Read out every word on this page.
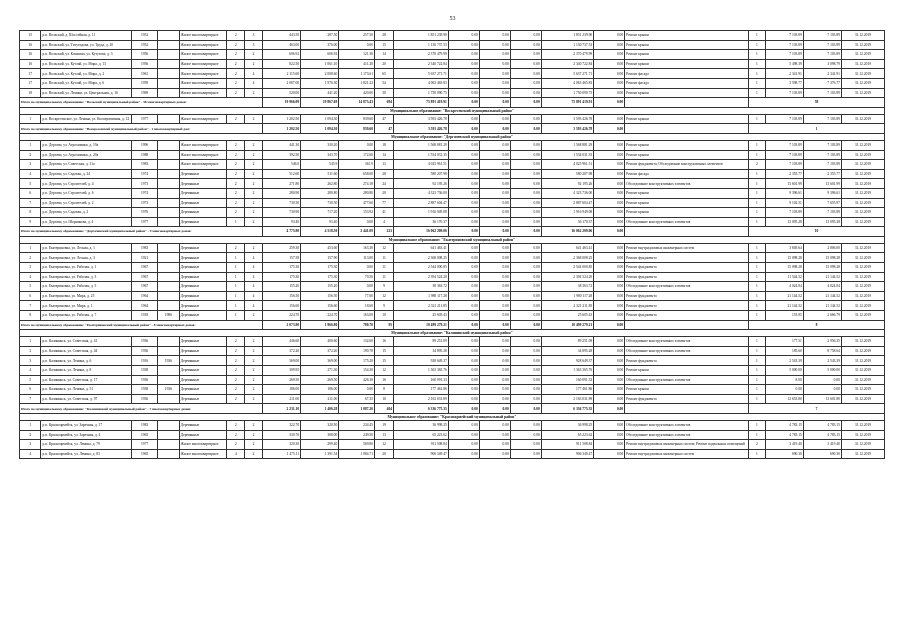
53
15	р.п. Вольский, д. Шоссейная, д. 11	1952		Жилое многоквартирное	2	3	443.50	287.50	257.50	28	1 851 239.90	0.00	0.00	0.00	1 851 239.90	0.00	Ремонт крыши	1	7 103.89	7 103.89	31.12.2019
16	р.п. Вольский, ул. Титугидова, ул. Труда, д. 20	1952		Жилое многоквартирное	2	3	463.00	376.00	0.00	15	1 130 737.53	0.00	0.00	0.00	1 130 737.53	0.00	Ремонт крыши	1	7 103.89	7 103.89	31.12.2019
16	р.п. Вольский, ул. Кошкина, ул. Кутузова, д. 3	1956		Жилое многоквартирное	2	2	606.92	606.92	121.30	14	2 370 479.99	0.00	0.00	0.00	2 370 479.99	0.00	Ремонт крыши	1	7 103.89	7 103.89	31.12.2019
16	р.п. Вольский, ул. Кутлай, ул. Мира, д. 13	1956		Жилое многоквартирное	2	2	822.50	1 061.10	411.20	20	2 340 722.84	0.00	0.00	0.00	2 340 722.84	0.00	Ремонт крыши	1	5 498.39	3 098.79	31.12.2019
17	р.п. Вольский, ул. Кутлай, ул. Мира, д. 2	1961		Жилое многоквартирное	2	4	2 115.60	2 008.60	1 173.61	65	5 637 271.71	0.00	0.00	0.00	5 637 271.71	0.00	Ремонт фасада	1	2 341.91	2 341.91	31.12.2019
17	р.п. Вольский, ул. Кутлай, ул. Мира, д. 6	1959		Жилое многоквартирное	2	4	2 087.00	1 976.30	1 821.22	54	4 063 465.83	0.00	0.00	0.00	4 063 465.83	0.00	Ремонт фасада	1	3 598.77	7 376.77	31.12.2019
18	р.п. Вольский, ул. Ленина, ул. Центральная, д. 16	1969		Жилое многоквартирное	2	2	520.00	441.20	420.00	30	1 750 090.75	0.00	0.00	0.00	1 750 090.75	0.00	Ремонт крыши	1	7 103.89	7 103.89	31.12.2019
Итого по муниципальному образованию: "Вольский муниципальный район" - 58 многоквартирных домов:							19 966.09	19 867.69	14 873.43	694	75 891 419.91	0.00	0.00	0.00	75 891 419.91	0.00		58			
Муниципальное образование: "Воскресенский муниципальный район"																					
1	р.п. Воскресенское, ул. Ленина, ул. Кооперативная, д. 12	1977		Жилое многоквартирное	2	2	1 202.50	1 094.30	839.60	47	3 593 426.78	0.00	0.00	0.00	3 593 426.78	0.00	Ремонт крыши	1	7 103.89	7 103.89	31.12.2019
Итого по муниципальному образованию: "Воскресенский муниципальный район" - 1 многоквартирный дом:							1 202.50	1 094.30	839.60	47	3 593 426.78	0.00	0.00	0.00	3 593 426.78	0.00		1			
Муниципальное образование: "Дергачевский муниципальный район"																					
1	р.п. Дергачи, ул. Агрохимики, д. 19а	1996		Жилое многоквартирное	2	2	441.30	330.20	0.00	18	1 568 881.29	0.00	0.00	0.00	1 568 881.29	0.00	Ремонт крыши	1	7 103.89	7 103.89	31.12.2019
2	р.п. Дергачи, ул. Агрохимики, д. 20а	1988		Жилое многоквартирное	2	2	392.50	343.70	172.60	14	1 534 031.35	0.00	0.00	0.00	1 534 031.35	0.00	Ремонт крыши	1	7 103.89	7 103.89	31.12.2019
3	р.п. Дергачи, ул. Советская, д. 31а	1983		Жилое многоквартирное	2	2	546.0	545.9	361.9	13	4 025 961.51	0.00	0.00	0.00	4 025 961.51	0.00	Ремонт фундамента; Обследование конструктивных элементов	2	7 103.89	7 103.89	31.12.2019
4	р.п. Дергачи, ул. Садовая, д. 24	1974		Деревянные	2	2	512.60	511.60	658.00	28	580 207.98	0.00	0.00	0.00	580 207.98	0.00	Ремонт фасада	1	2 355.77	2 355.77	31.12.2019
5	р.п. Дергачи, ул. Строителей, д. 4	1973		Деревянные	2	2	271.80	262.80	274.18	24	92 195.26	0.00	0.00	0.00	92 195.26	0.00	Обследование конструктивных элементов	1	13 601.99	13 601.99	31.12.2019
6	р.п. Дергачи, ул. Строителей, д. 6	1974		Деревянные	2	2	280.90	280.80	280.80	20	4 323 736.00	0.00	0.00	0.00	4 323 736.00	0.00	Ремонт крыши	1	9 396.61	9 396.61	31.12.2019
7	р.п. Дергачи, ул. Строителей, д. 2	1973		Деревянные	2	2	730.50	730.50	477.60	77	2 887 604.47	0.00	0.00	0.00	2 887 604.47	0.00	Ремонт крыши	1	9 102.51	7 655.97	31.12.2019
8	р.п. Дергачи, ул. Садовая, д. 2	1976		Деревянные	2	2	730.90	717.20	153.92	41	1 916 949.08	0.00	0.00	0.00	1 916 949.08	0.00	Ремонт крыши	1	7 103.89	7 103.89	31.12.2019
9	р.п. Дергачи, ул. Шорникова, д. 4	1977		Деревянные	1	2	93.40	93.40	0.00	4	36 170.37	0.00	0.00	0.00	36 170.37	0.00	Обследование конструктивных элементов	1	13 095.28	13 095.28	31.12.2019
Итого по муниципальному образованию: "Дергачевский муниципальный район" - 9 многоквартирных домов:							4 775.90	4 518.50	2 441.09	223	16 062 209.06	0.00	0.00	0.00	16 062 209.06	0.00		10			
Муниципальное образование: "Екатериновский муниципальный район"																					
1	р.п. Екатериновка, ул. Лесная, д. 1	1983		Деревянные	2	2	259.30	453.60	163.30	12	641 463.41	0.00	0.00	0.00	641 463.41	0.00	Ремонт внутридомовых инженерных систем	1	3 849.64	2 806.00	31.12.2019
2	р.п. Екатериновка, ул. Лесная, д. 3	1921		Деревянные	1	4	157.58	157.90	113.00	11	2 368 008.25	0.00	0.00	0.00	2 368 008.25	0.00	Ремонт фундамента	1	15 098.28	15 098.28	31.12.2019
3	р.п. Екатериновка, ул. Рабочая, д. 1	1967		Деревянные	1	4	175.30	175.30	0.00	11	2 544 000.85	0.00	0.00	0.00	2 544 000.85	0.00	Ремонт фундамента	1	15 098.28	15 098.28	31.12.2019
4	р.п. Екатериновка, ул. Рабочая, д. 3	1967		Деревянные	1	4	175.30	175.30	70.50	11	2 394 524.20	0.00	0.00	0.00	2 394 524.20	0.00	Ремонт фундамента	1	11 544.52	21 144.52	31.12.2019
5	р.п. Екатериновка, ул. Рабочая, д. 5	1967		Деревянные	1	4	155.20	155.20	0.00	9	38 363.72	0.00	0.00	0.00	38 363.72	0.00	Обследование конструктивных элементов	1	4 024.84	4 024.84	31.12.2019
6	р.п. Екатериновка, ул. Мира, д. 25	1964		Деревянные	1	4	156.50	156.50	77.60	12	1 980 117.28	0.00	0.00	0.00	1 980 117.28	0.00	Ремонт фундамента	1	21 144.52	21 144.52	31.12.2019
7	р.п. Екатериновка, ул. Мира, д. 1	1964		Деревянные	1	4	156.60	156.60	18.60	9	2 321 211.85	0.00	0.00	0.00	2 321 211.85	0.00	Ремонт фундамента	1	21 144.52	21 144.52	31.12.2019
8	р.п. Екатериновка, ул. Рабочая, д. 7	1918	1986	Деревянные	1	2	224.70	224.70	163.00	10	25 605.43	0.00	0.00	0.00	25 605.43	0.00	Ремонт фундамента	1	153.95	2 666.79	31.12.2019
Итого по муниципальному образованию: "Екатериновский муниципальный район" - 8 многоквартирных домов:							2 073.90	1 966.80	780.70	95	10 499 279.21	0.00	0.00	0.00	10 499 279.21	0.00		8			
Муниципальное образование: "Калининский муниципальный район"																					
1	р.п. Калининск, ул. Советская, д. 41	1936		Деревянные	2	2	446.60	400.60	132.60	16	89 251.09	0.00	0.00	0.00	89 251.09	0.00	Обследование конструктивных элементов	1	177.51	2 956.35	31.12.2019
2	р.п. Калининск, ул. Советская, д. 44	1936		Деревянные	2	2	372.20	372.20	190.78	15	34 895.28	0.00	0.00	0.00	34 895.28	0.00	Обследование конструктивных элементов	1	185.60	8 758.64	31.12.2019
3	р.п. Калининск, ул. Ленина, д. 6	1916	1936	Деревянные	2	2	369.00	369.00	175.20	15	928 649.37	0.00	0.00	0.00	928 649.37	0.00	Ремонт фундамента	1	2 543.39	2 543.39	31.12.2019
4	р.п. Калининск, ул. Ленина, д. 8	1938		Деревянные	2	2	309.95	271.30	154.30	12	1 363 365.76	0.00	0.00	0.00	1 363 365.76	0.00	Ремонт крыши	1	5 000.00	5 000.00	31.12.2019
5	р.п. Калининск, ул. Советская, д. 17	1936		Деревянные	2	2	269.50	269.50	426.30	16	160 091.33	0.00	0.00	0.00	160 091.33	0.00	Обследование конструктивных элементов	1	8.00	0.00	31.12.2019
6	р.п. Калининск, ул. Ленина, д. 51	1938	1936	Деревянные	2	2	186.00	186.00	0.00	8	177 461.86	0.00	0.00	0.00	177 461.86	0.00	Ремонт крыши	1	0.00	0.00	31.12.2019
7	р.п. Калининск, ул. Советская, д. 97	1936		Деревянные	2	2	211.00	211.00	67.35	10	2 163 031.89	0.00	0.00	0.00	2 163 031.89	0.00	Ремонт фундамента	1	12 653.80	13 601.80	31.12.2019
Итого по муниципальному образованию: "Калининский муниципальный район" - 7 многоквартирных домов:							2 231.10	1 406.28	1 087.20	404	6 336 775.35	0.00	0.00	0.00	6 336 775.35	0.00		7			
Муниципальное образование: "Красноармейский муниципальный район"																					
1	р.п. Красноармейск, ул. Заречная, д. 17	1983		Деревянные	2	2	322.70	320.50	234.45	19	36 998.25	0.00	0.00	0.00	36 998.25	0.00	Обследование конструктивных элементов	1	4 783.15	4 783.15	31.12.2019
2	р.п. Красноармейск, ул. Заречная, д. 4	1965		Деревянные	2	2	330.70	308.00	249.50	13	65 223.62	0.00	0.00	0.00	65 223.62	0.00	Обследование конструктивных элементов	1	4 783.15	4 783.15	31.12.2019
3	р.п. Красноармейск, ул. Ленина, д. 79	1977		Жилое многоквартирное	2	2	320.30	299.40	569.80	12	911 508.84	0.00	0.00	0.00	911 508.84	0.00	Ремонт внутридомовых инженерных систем; Ремонт подвальных помещений	2	3 419.40	3 419.40	31.12.2019
4	р.п. Красноармейск, ул. Ленина, д. 83	1965		Жилое многоквартирное	4	2	1 475.11	1 391.54	1 084.71	20	906 349.47	0.00	0.00	0.00	906 349.47	0.00	Ремонт внутридомовых инженерных систем	1	690.30	690.30	31.12.2019
